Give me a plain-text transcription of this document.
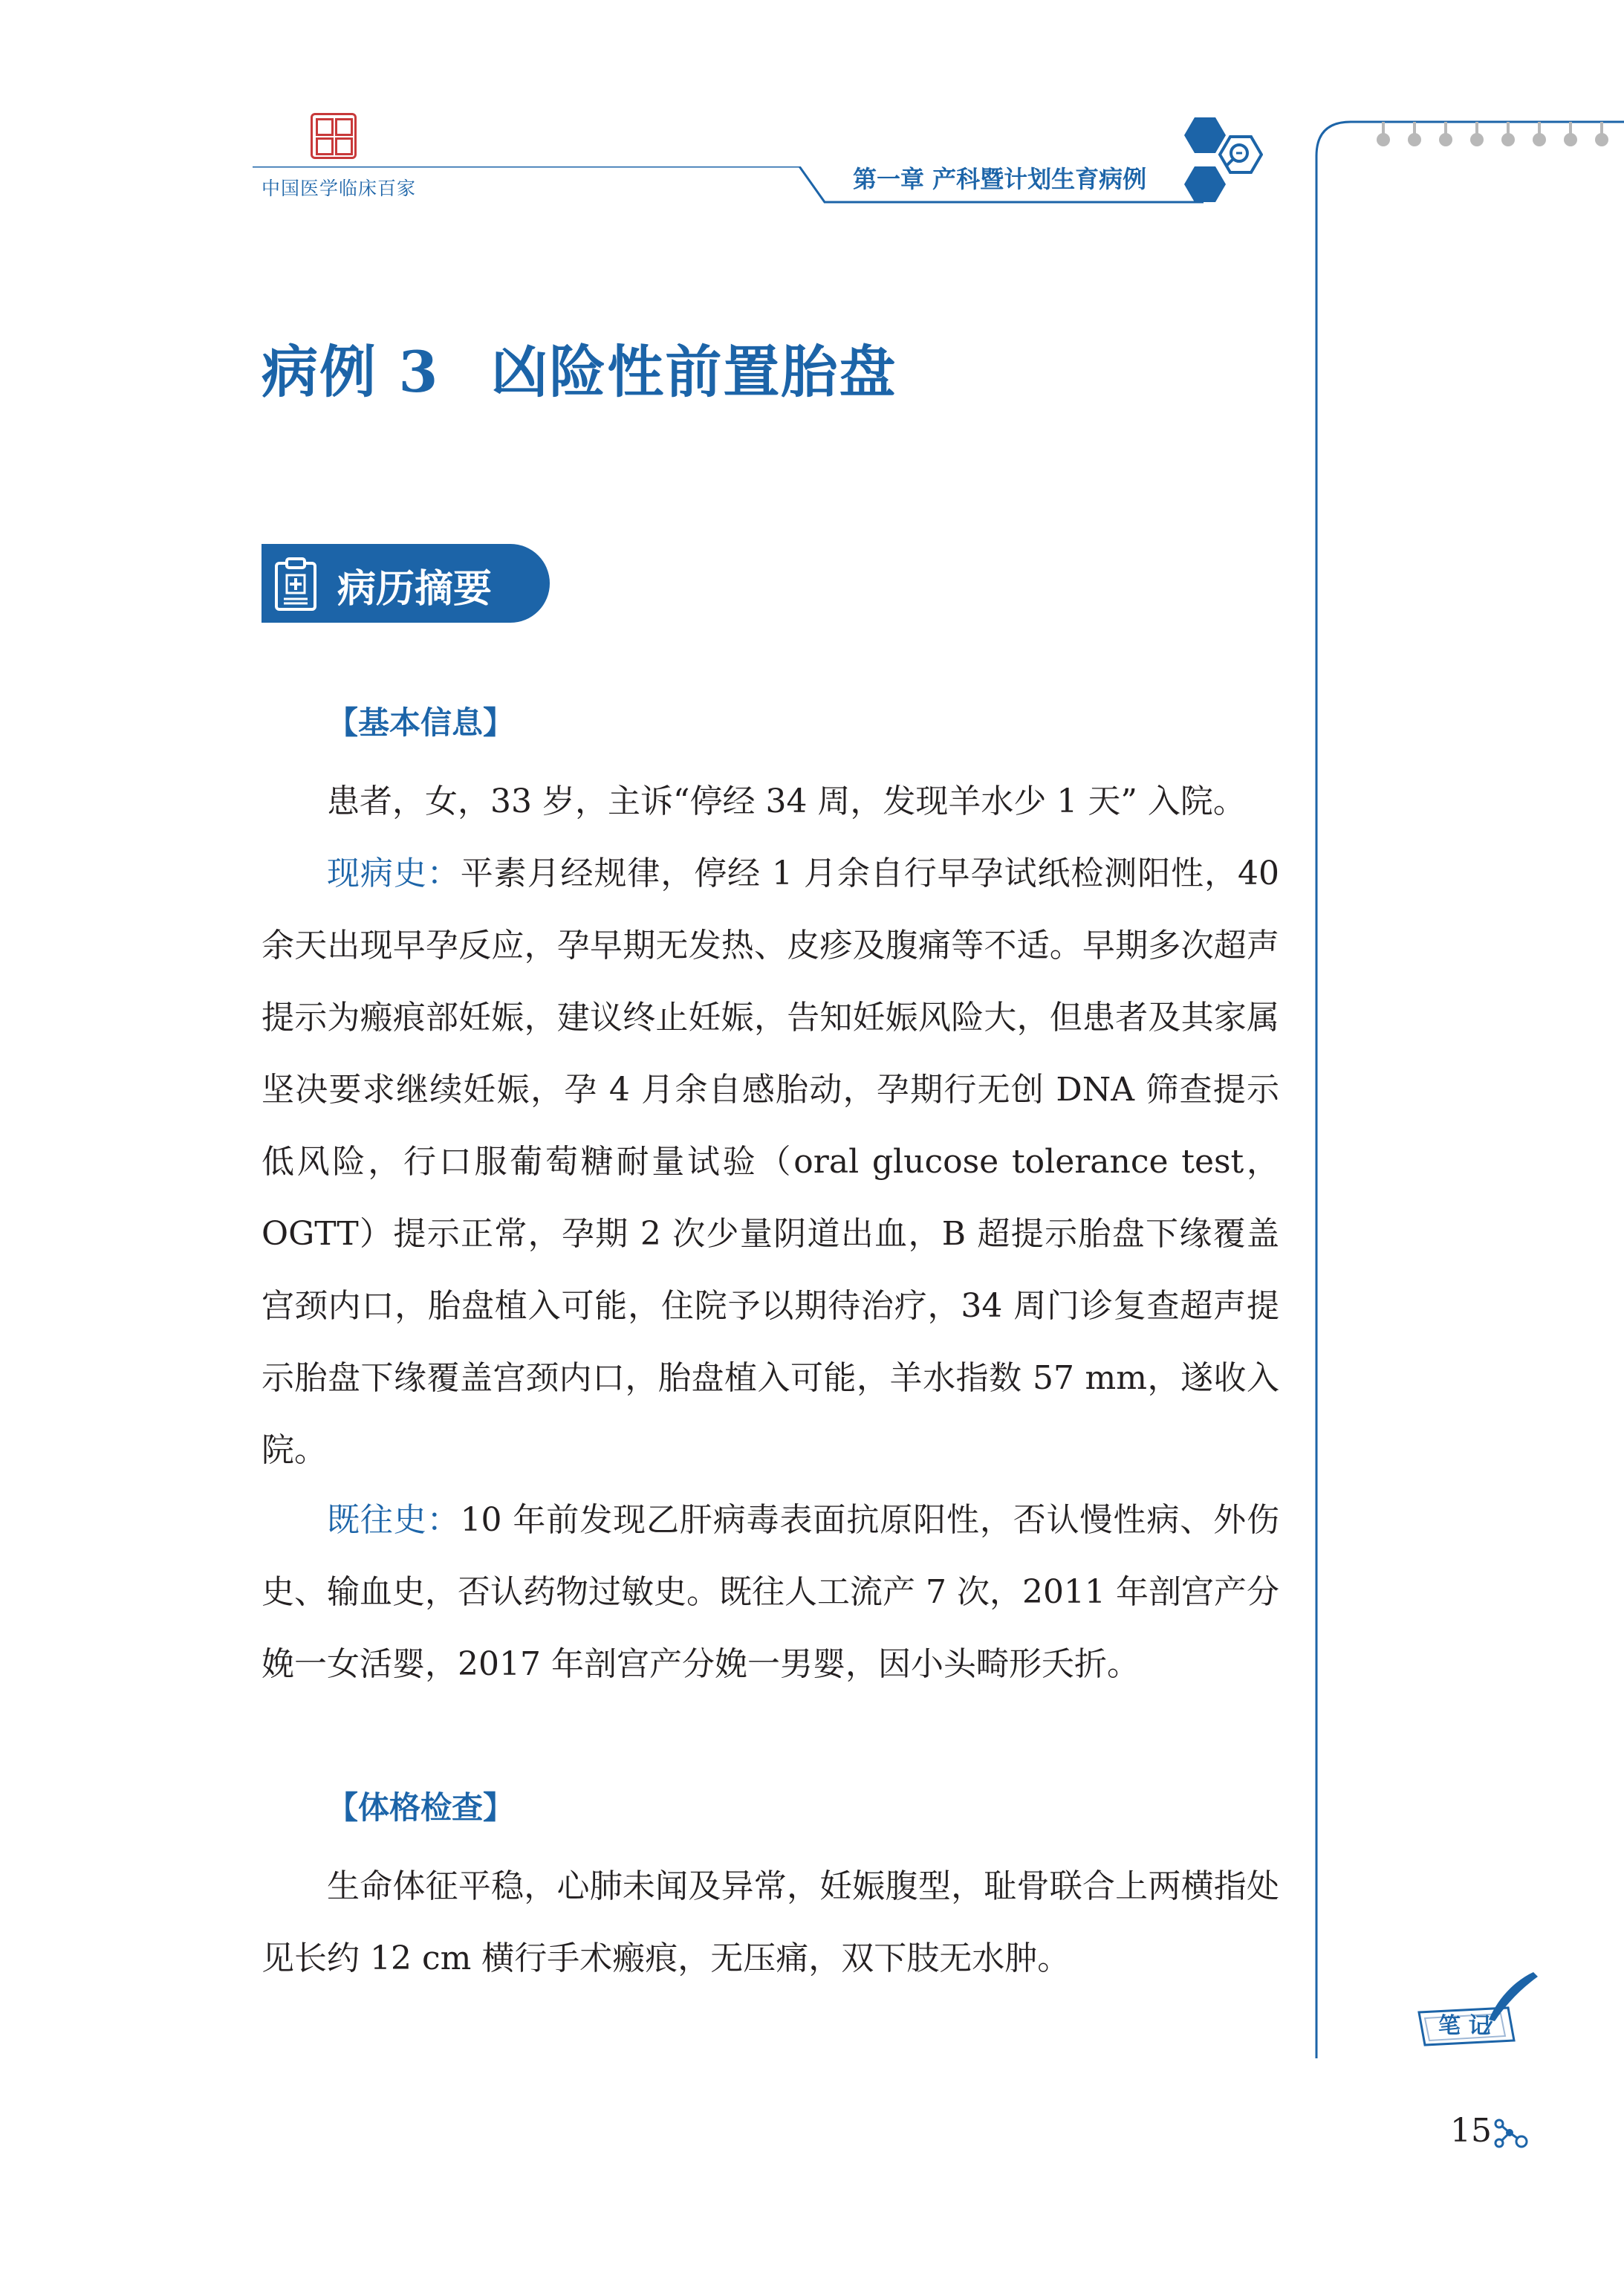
中国医学临床百家	第一章 产科暨计划生育病例
病例 3 凶险性前置胎盘
病历摘要
【基本信息】

患者，女，33 岁，主诉“停经 34 周，发现羊水少 1 天” 入院。

现病史：平素月经规律，停经 1 月余自行早孕试纸检测阳性，40 余天出现早孕反应，孕早期无发热、皮疹及腹痛等不适。早期多次超声提示为瘢痕部妊娠，建议终止妊娠，告知妊娠风险大，但患者及其家属坚决要求继续妊娠，孕 4 月余自感胎动，孕期行无创 DNA 筛查提示低风险，行口服葡萄糖耐量试验（oral glucose tolerance test，OGTT）提示正常，孕期 2 次少量阴道出血，B 超提示胎盘下缘覆盖宫颈内口，胎盘植入可能，住院予以期待治疗，34 周门诊复查超声提示胎盘下缘覆盖宫颈内口，胎盘植入可能，羊水指数 57 mm，遂收入院。

既往史：10 年前发现乙肝病毒表面抗原阳性，否认慢性病、外伤史、输血史，否认药物过敏史。既往人工流产 7 次，2011 年剖宫产分娩一女活婴，2017 年剖宫产分娩一男婴，因小头畸形夭折。

【体格检查】

生命体征平稳，心肺未闻及异常，妊娠腹型，耻骨联合上两横指处见长约 12 cm 横行手术瘢痕，无压痛，双下肢无水肿。

笔 记
15
